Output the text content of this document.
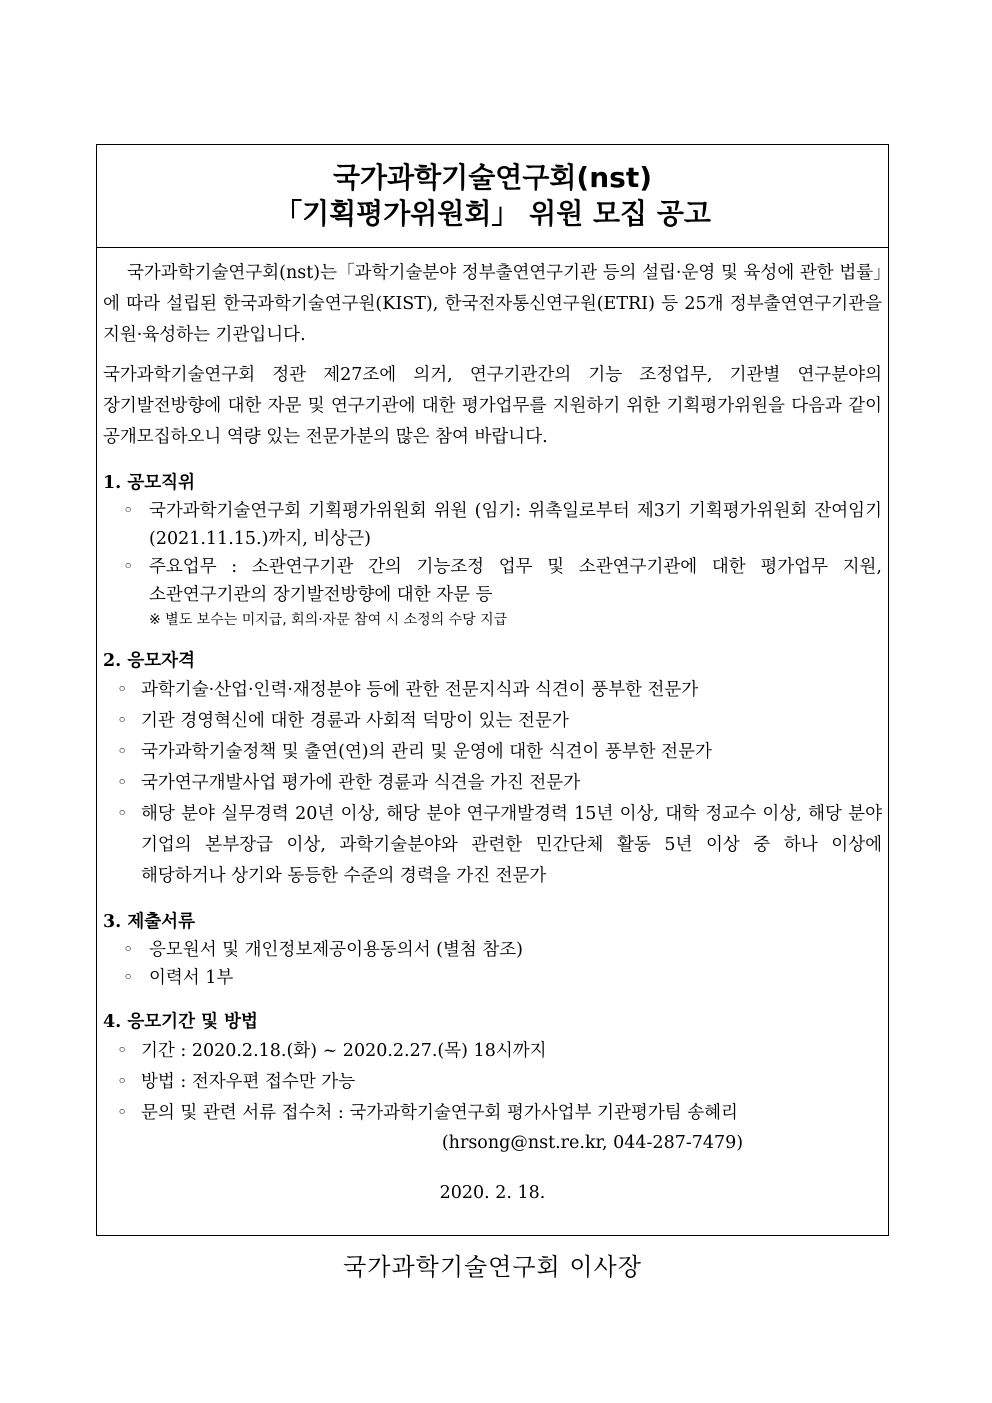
국가과학기술연구회(nst)
「기획평가위원회」 위원 모집 공고

국가과학기술연구회(nst)는「과학기술분야 정부출연연구기관 등의 설립·운영 및 육성에 관한 법률」에 따라 설립된 한국과학기술연구원(KIST), 한국전자통신연구원(ETRI) 등 25개 정부출연연구기관을 지원·육성하는 기관입니다.

국가과학기술연구회 정관 제27조에 의거, 연구기관간의 기능 조정업무, 기관별 연구분야의 장기발전방향에 대한 자문 및 연구기관에 대한 평가업무를 지원하기 위한 기획평가위원을 다음과 같이 공개모집하오니 역량 있는 전문가분의 많은 참여 바랍니다.

1. 공모직위
◦ 국가과학기술연구회 기획평가위원회 위원 (임기: 위촉일로부터 제3기 기획평가위원회 잔여임기(2021.11.15.)까지, 비상근)
◦ 주요업무 : 소관연구기관 간의 기능조정 업무 및 소관연구기관에 대한 평가업무 지원, 소관연구기관의 장기발전방향에 대한 자문 등
※ 별도 보수는 미지급, 회의·자문 참여 시 소정의 수당 지급
2. 응모자격
◦ 과학기술·산업·인력·재정분야 등에 관한 전문지식과 식견이 풍부한 전문가
◦ 기관 경영혁신에 대한 경륜과 사회적 덕망이 있는 전문가
◦ 국가과학기술정책 및 출연(연)의 관리 및 운영에 대한 식견이 풍부한 전문가
◦ 국가연구개발사업 평가에 관한 경륜과 식견을 가진 전문가
◦ 해당 분야 실무경력 20년 이상, 해당 분야 연구개발경력 15년 이상, 대학 정교수 이상, 해당 분야 기업의 본부장급 이상, 과학기술분야와 관련한 민간단체 활동 5년 이상 중 하나 이상에 해당하거나 상기와 동등한 수준의 경력을 가진 전문가
3. 제출서류
◦ 응모원서 및 개인정보제공이용동의서 (별첨 참조)
◦ 이력서 1부
4. 응모기간 및 방법
◦ 기간 : 2020.2.18.(화) ~ 2020.2.27.(목) 18시까지
◦ 방법 : 전자우편 접수만 가능
◦ 문의 및 관련 서류 접수처 : 국가과학기술연구회 평가사업부 기관평가팀 송혜리
(hrsong@nst.re.kr, 044-287-7479)
2020. 2. 18.
국가과학기술연구회 이사장
